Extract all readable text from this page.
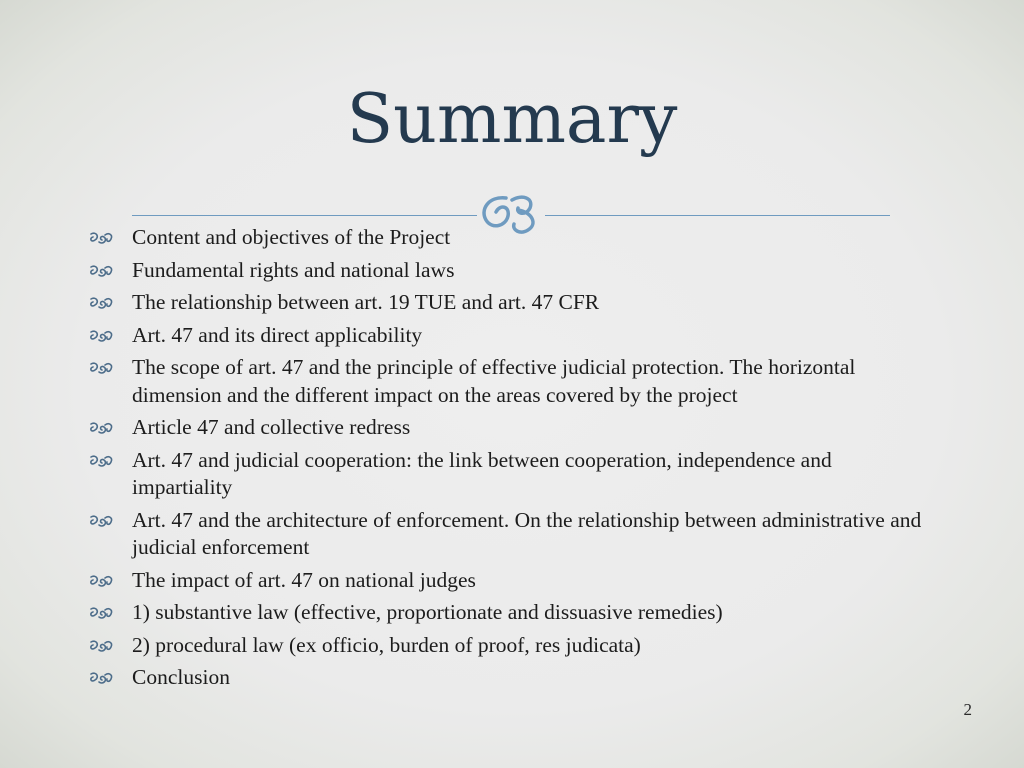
Summary
Content and objectives of the Project
Fundamental rights and national laws
The relationship between art. 19 TUE and art. 47 CFR
Art. 47 and its direct applicability
The scope of art. 47 and the principle of effective judicial protection. The horizontal dimension and the different impact on the areas covered by the project
Article 47 and collective redress
Art. 47 and judicial cooperation: the link between cooperation, independence and impartiality
Art. 47 and the architecture of enforcement. On the relationship between administrative and judicial enforcement
The impact of art. 47 on national judges
1) substantive law (effective, proportionate and dissuasive remedies)
2) procedural law (ex officio, burden of proof, res judicata)
Conclusion
2
